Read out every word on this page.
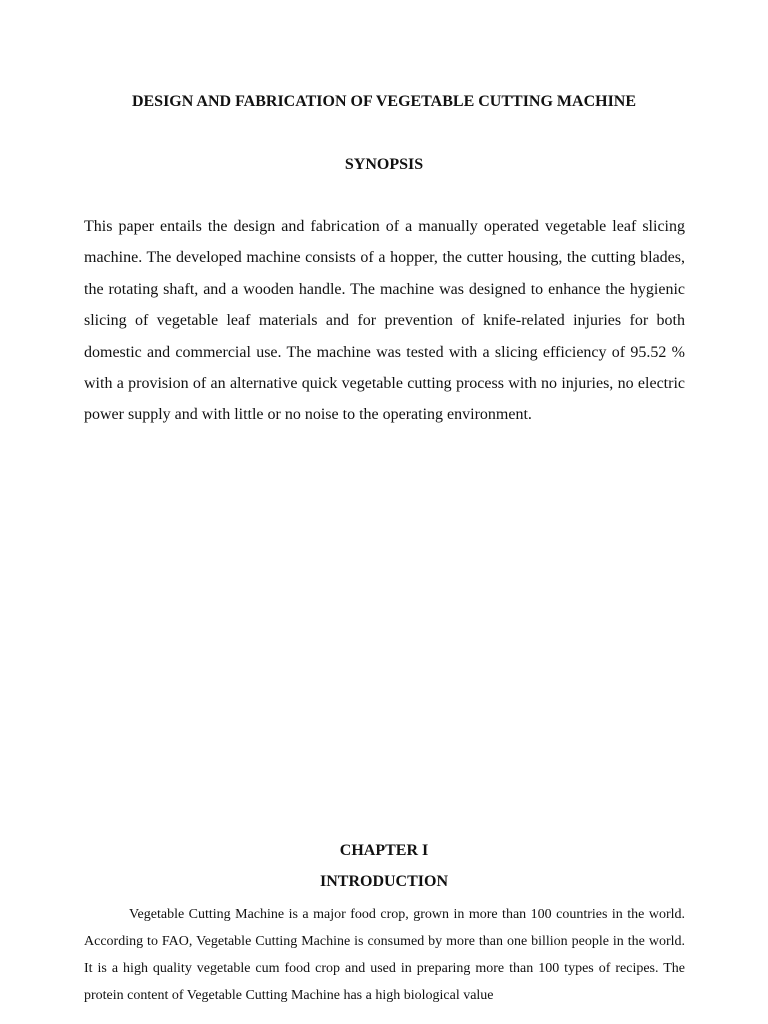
DESIGN AND FABRICATION OF VEGETABLE CUTTING MACHINE
SYNOPSIS

This paper entails the design and fabrication of a manually operated vegetable leaf slicing machine. The developed machine consists of a hopper, the cutter housing, the cutting blades, the rotating shaft, and a wooden handle. The machine was designed to enhance the hygienic slicing of vegetable leaf materials and for prevention of knife-related injuries for both domestic and commercial use. The machine was tested with a slicing efficiency of 95.52 % with a provision of an alternative quick vegetable cutting process with no injuries, no electric power supply and with little or no noise to the operating environment.

CHAPTER I
INTRODUCTION

Vegetable Cutting Machine is a major food crop, grown in more than 100 countries in the world. According to FAO, Vegetable Cutting Machine is consumed by more than one billion people in the world. It is a high quality vegetable cum food crop and used in preparing more than 100 types of recipes. The protein content of Vegetable Cutting Machine has a high biological value
